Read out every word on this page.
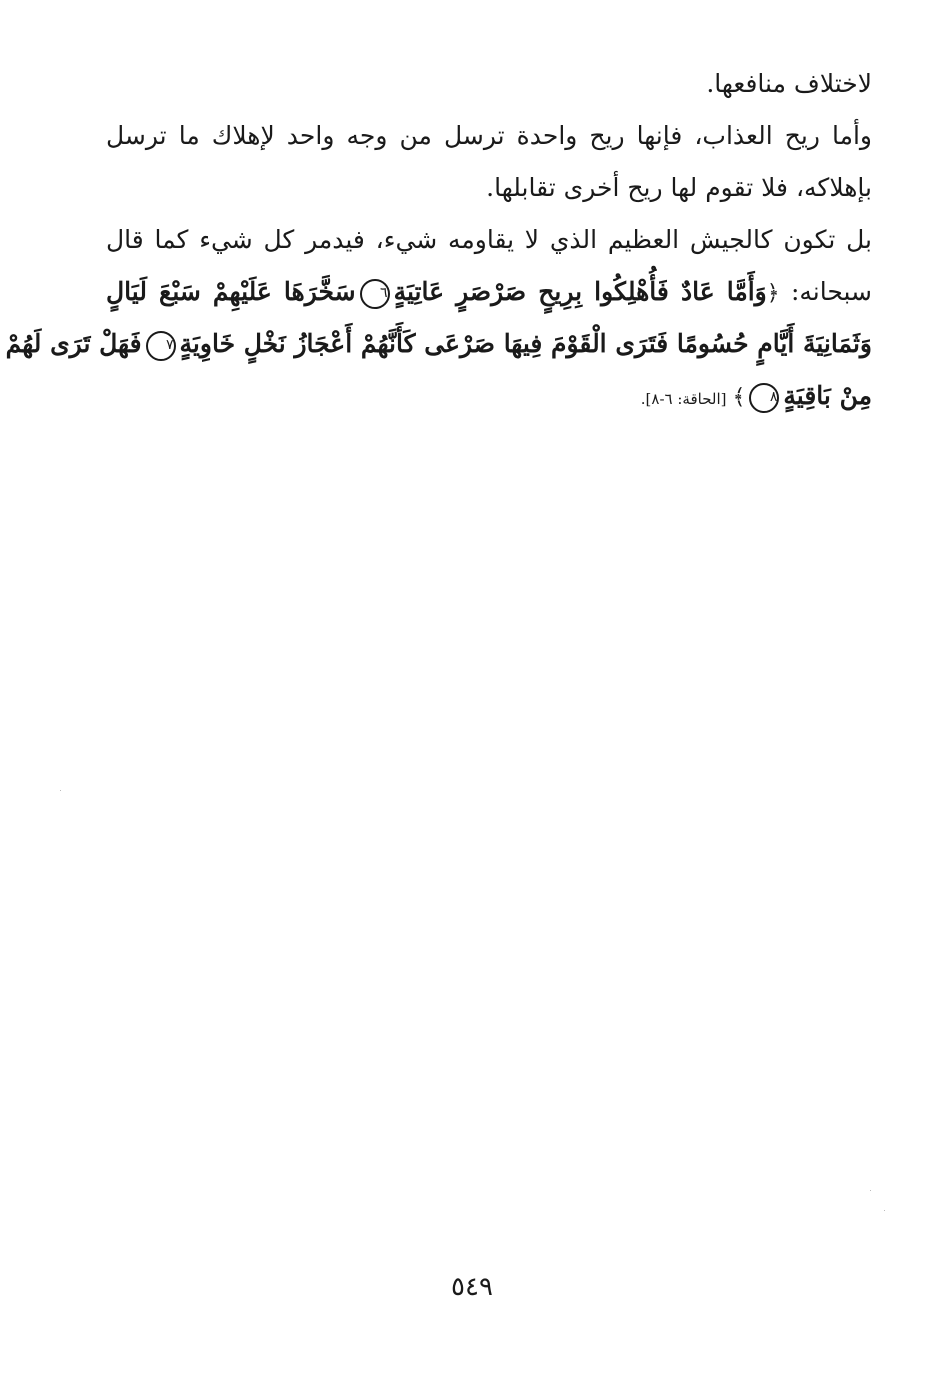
لاختلاف منافعها.
وأما ريح العذاب، فإنها ريح واحدة ترسل من وجه واحد لإهلاك ما ترسل
بإهلاكه، فلا تقوم لها ريح أخرى تقابلها.
بل تكون كالجيش العظيم الذي لا يقاومه شيء، فيدمر كل شيء كما قال
سبحانه: ﴿وَأَمَّا عَادٌ فَأُهْلِكُوا بِرِيحٍ صَرْصَرٍ عَاتِيَةٍ٦سَخَّرَهَا عَلَيْهِمْ سَبْعَ لَيَالٍ
وَثَمَانِيَةَ أَيَّامٍ حُسُومًا فَتَرَى الْقَوْمَ فِيهَا صَرْعَى كَأَنَّهُمْ أَعْجَازُ نَخْلٍ خَاوِيَةٍ٧فَهَلْ تَرَى لَهُمْ
مِنْ بَاقِيَةٍ٨﴾[الحاقة: ٦-٨].
٥٤٩
